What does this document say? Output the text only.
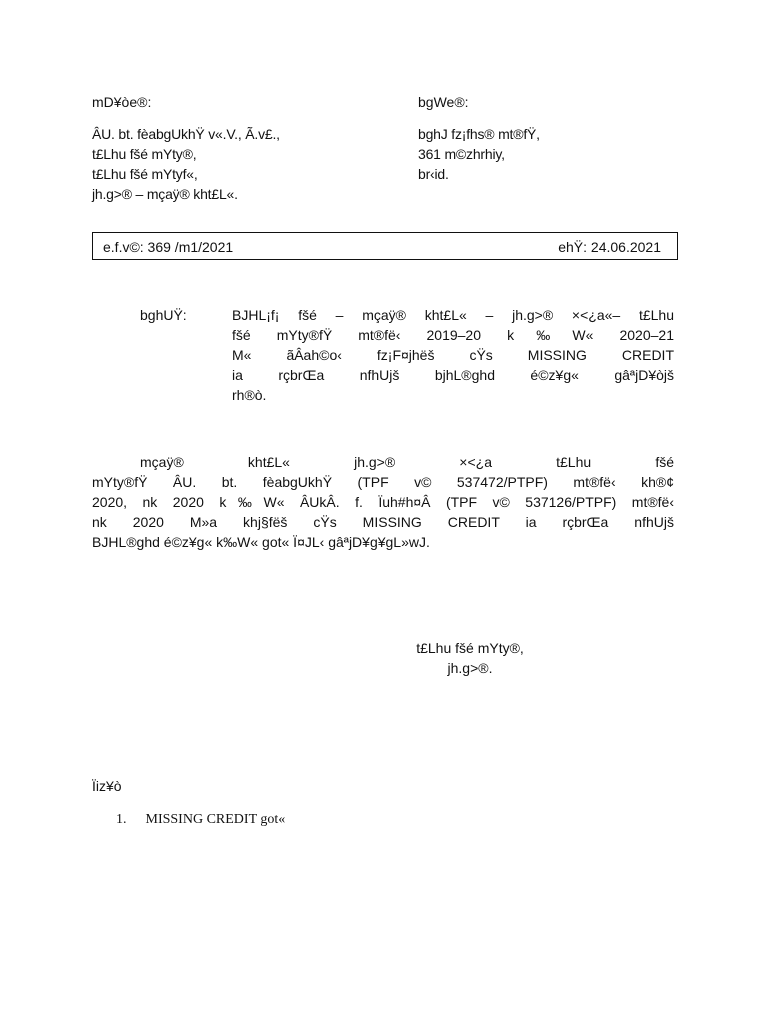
mD¥òe®:
ÂU. bt. fèabgUkhŸ v«.V., Ã.v£.,
t£Lhu fšé mYty®,
t£Lhu fšé mYtyf«,
jh.g>® – mçaÿ® kht£L«.
bgWe®:
bghJ fz¡fhs® mt®fŸ,
361 m©zhrhiy,
br‹id.
e.f.v©: 369 /m1/2021	ehŸ: 24.06.2021
bghUŸ:	BJHL¡f¡ fšé – mçaÿ® kht£L« – jh.g>® ×<¿a«– t£Lhu
fšé mYty®fŸ mt®fë‹ 2019–20 k‰W« 2020–21
M« ãÂah©o‹ fz¡F¤jhëš cŸs MISSING CREDIT
ia rçbrŒa nfhUjš bjhL®ghd é©z¥g« gâªjD¥òjš
rh®ò.
mçaÿ® kht£L« jh.g>® ×<¿a t£Lhu fšé
mYty®fŸ ÂU. bt. fèabgUkhŸ (TPF v© 537472/PTPF) mt®fë‹ kh®¢
2020, nk 2020 k‰W« ÂUkÂ. f. Ïuh#h¤Â (TPF v© 537126/PTPF) mt®fë‹
nk 2020 M»a khj§fëš cŸs MISSING CREDIT ia rçbrŒa nfhUjš
BJHL®ghd é©z¥g« k‰W« got« Ï¤JL‹ gâªjD¥g¥gL»wJ.
t£Lhu fšé mYty®,
jh.g>®.
Ïiz¥ò
1. MISSING CREDIT got«
